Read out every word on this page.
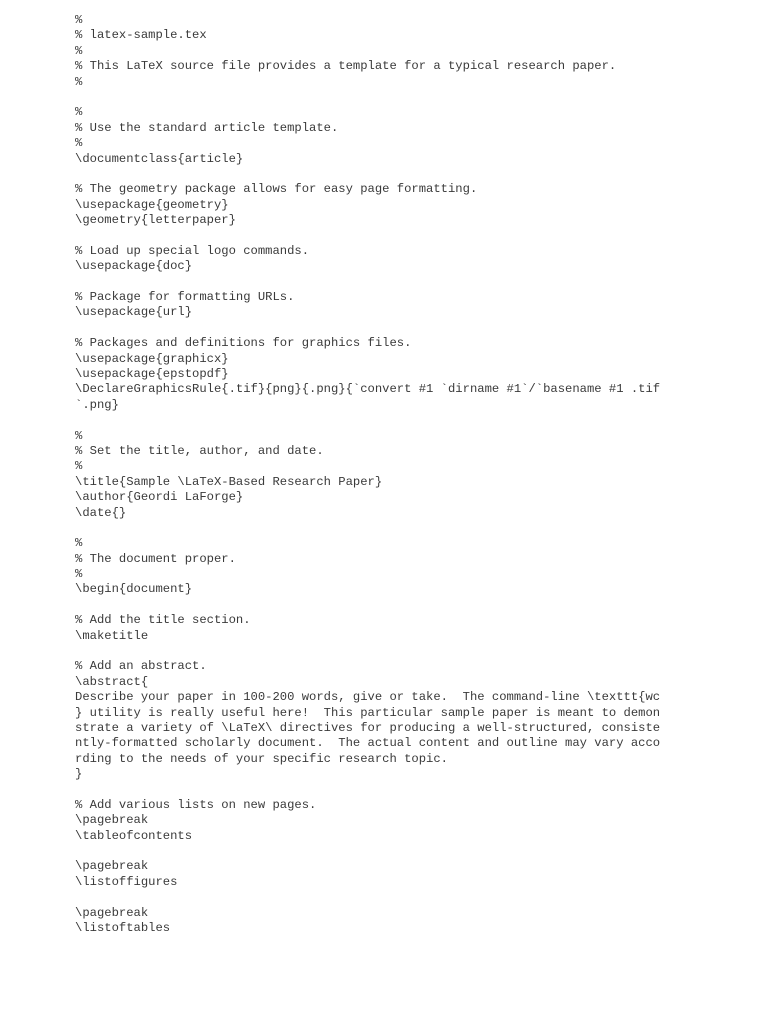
%
% latex-sample.tex
%
% This LaTeX source file provides a template for a typical research paper.
%
%
% Use the standard article template.
%
\documentclass{article}
% The geometry package allows for easy page formatting.
\usepackage{geometry}
\geometry{letterpaper}
% Load up special logo commands.
\usepackage{doc}
% Package for formatting URLs.
\usepackage{url}
% Packages and definitions for graphics files.
\usepackage{graphicx}
\usepackage{epstopdf}
\DeclareGraphicsRule{.tif}{png}{.png}{`convert #1 `dirname #1`/`basename #1 .tif
`.png}
%
% Set the title, author, and date.
%
\title{Sample \LaTeX-Based Research Paper}
\author{Geordi LaForge}
\date{}
%
% The document proper.
%
\begin{document}
% Add the title section.
\maketitle
% Add an abstract.
\abstract{
Describe your paper in 100-200 words, give or take.  The command-line \texttt{wc
} utility is really useful here!  This particular sample paper is meant to demon
strate a variety of \LaTeX\ directives for producing a well-structured, consiste
ntly-formatted scholarly document.  The actual content and outline may vary acco
rding to the needs of your specific research topic.
}
% Add various lists on new pages.
\pagebreak
\tableofcontents
\pagebreak
\listoffigures
\pagebreak
\listoftables
